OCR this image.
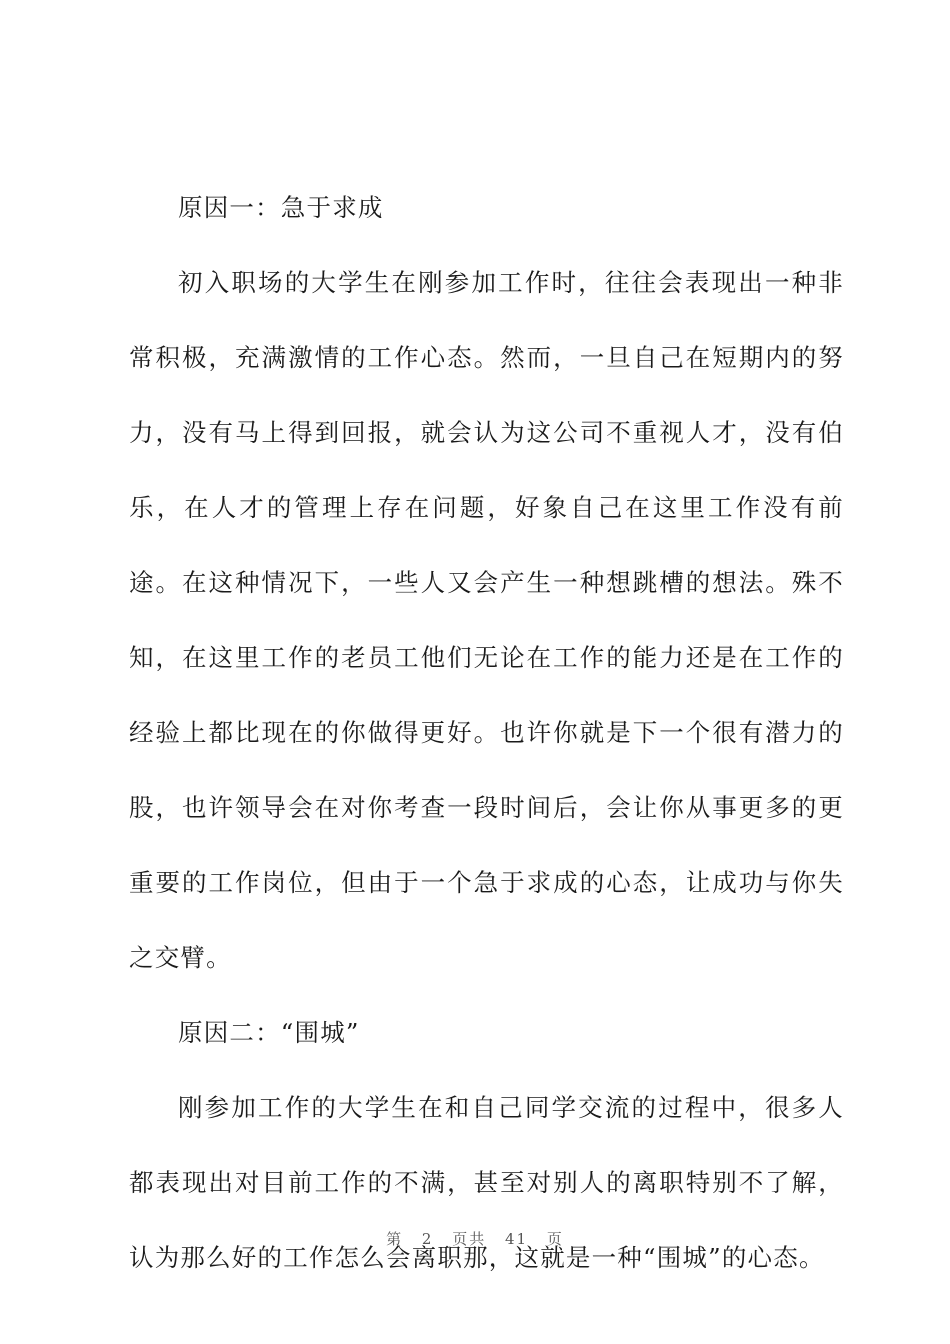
原因一：急于求成

初入职场的大学生在刚参加工作时，往往会表现出一种非常积极，充满激情的工作心态。然而，一旦自己在短期内的努力，没有马上得到回报，就会认为这公司不重视人才，没有伯乐，在人才的管理上存在问题，好象自己在这里工作没有前途。在这种情况下，一些人又会产生一种想跳槽的想法。殊不知，在这里工作的老员工他们无论在工作的能力还是在工作的经验上都比现在的你做得更好。也许你就是下一个很有潜力的股，也许领导会在对你考查一段时间后，会让你从事更多的更重要的工作岗位，但由于一个急于求成的心态，让成功与你失之交臂。

原因二：“围城”

刚参加工作的大学生在和自己同学交流的过程中，很多人都表现出对目前工作的不满，甚至对别人的离职特别不了解，认为那么好的工作怎么会离职那，这就是一种“围城”的心态。

第 2 页共 41 页
